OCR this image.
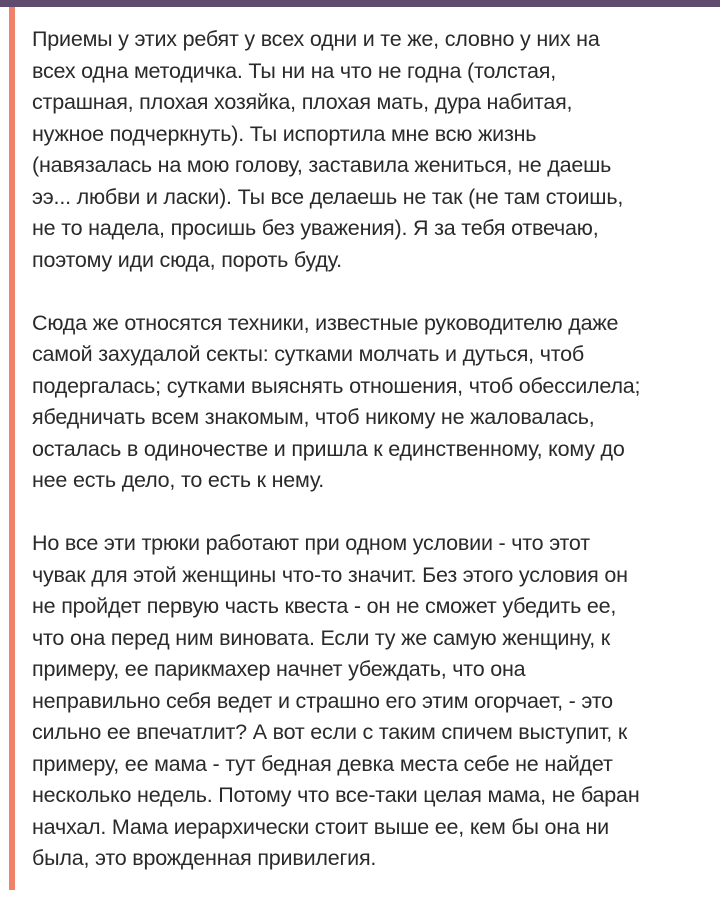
Приемы у этих ребят у всех одни и те же, словно у них на
всех одна методичка. Ты ни на что не годна (толстая,
страшная, плохая хозяйка, плохая мать, дура набитая,
нужное подчеркнуть). Ты испортила мне всю жизнь
(навязалась на мою голову, заставила жениться, не даешь
ээ... любви и ласки). Ты все делаешь не так (не там стоишь,
не то надела, просишь без уважения). Я за тебя отвечаю,
поэтому иди сюда, пороть буду.

Сюда же относятся техники, известные руководителю даже
самой захудалой секты: сутками молчать и дуться, чтоб
подергалась; сутками выяснять отношения, чтоб обессилела;
ябедничать всем знакомым, чтоб никому не жаловалась,
осталась в одиночестве и пришла к единственному, кому до
нее есть дело, то есть к нему.

Но все эти трюки работают при одном условии - что этот
чувак для этой женщины что-то значит. Без этого условия он
не пройдет первую часть квеста - он не сможет убедить ее,
что она перед ним виновата. Если ту же самую женщину, к
примеру, ее парикмахер начнет убеждать, что она
неправильно себя ведет и страшно его этим огорчает, - это
сильно ее впечатлит? А вот если с таким спичем выступит, к
примеру, ее мама - тут бедная девка места себе не найдет
несколько недель. Потому что все-таки целая мама, не баран
начхал. Мама иерархически стоит выше ее, кем бы она ни
была, это врожденная привилегия.
